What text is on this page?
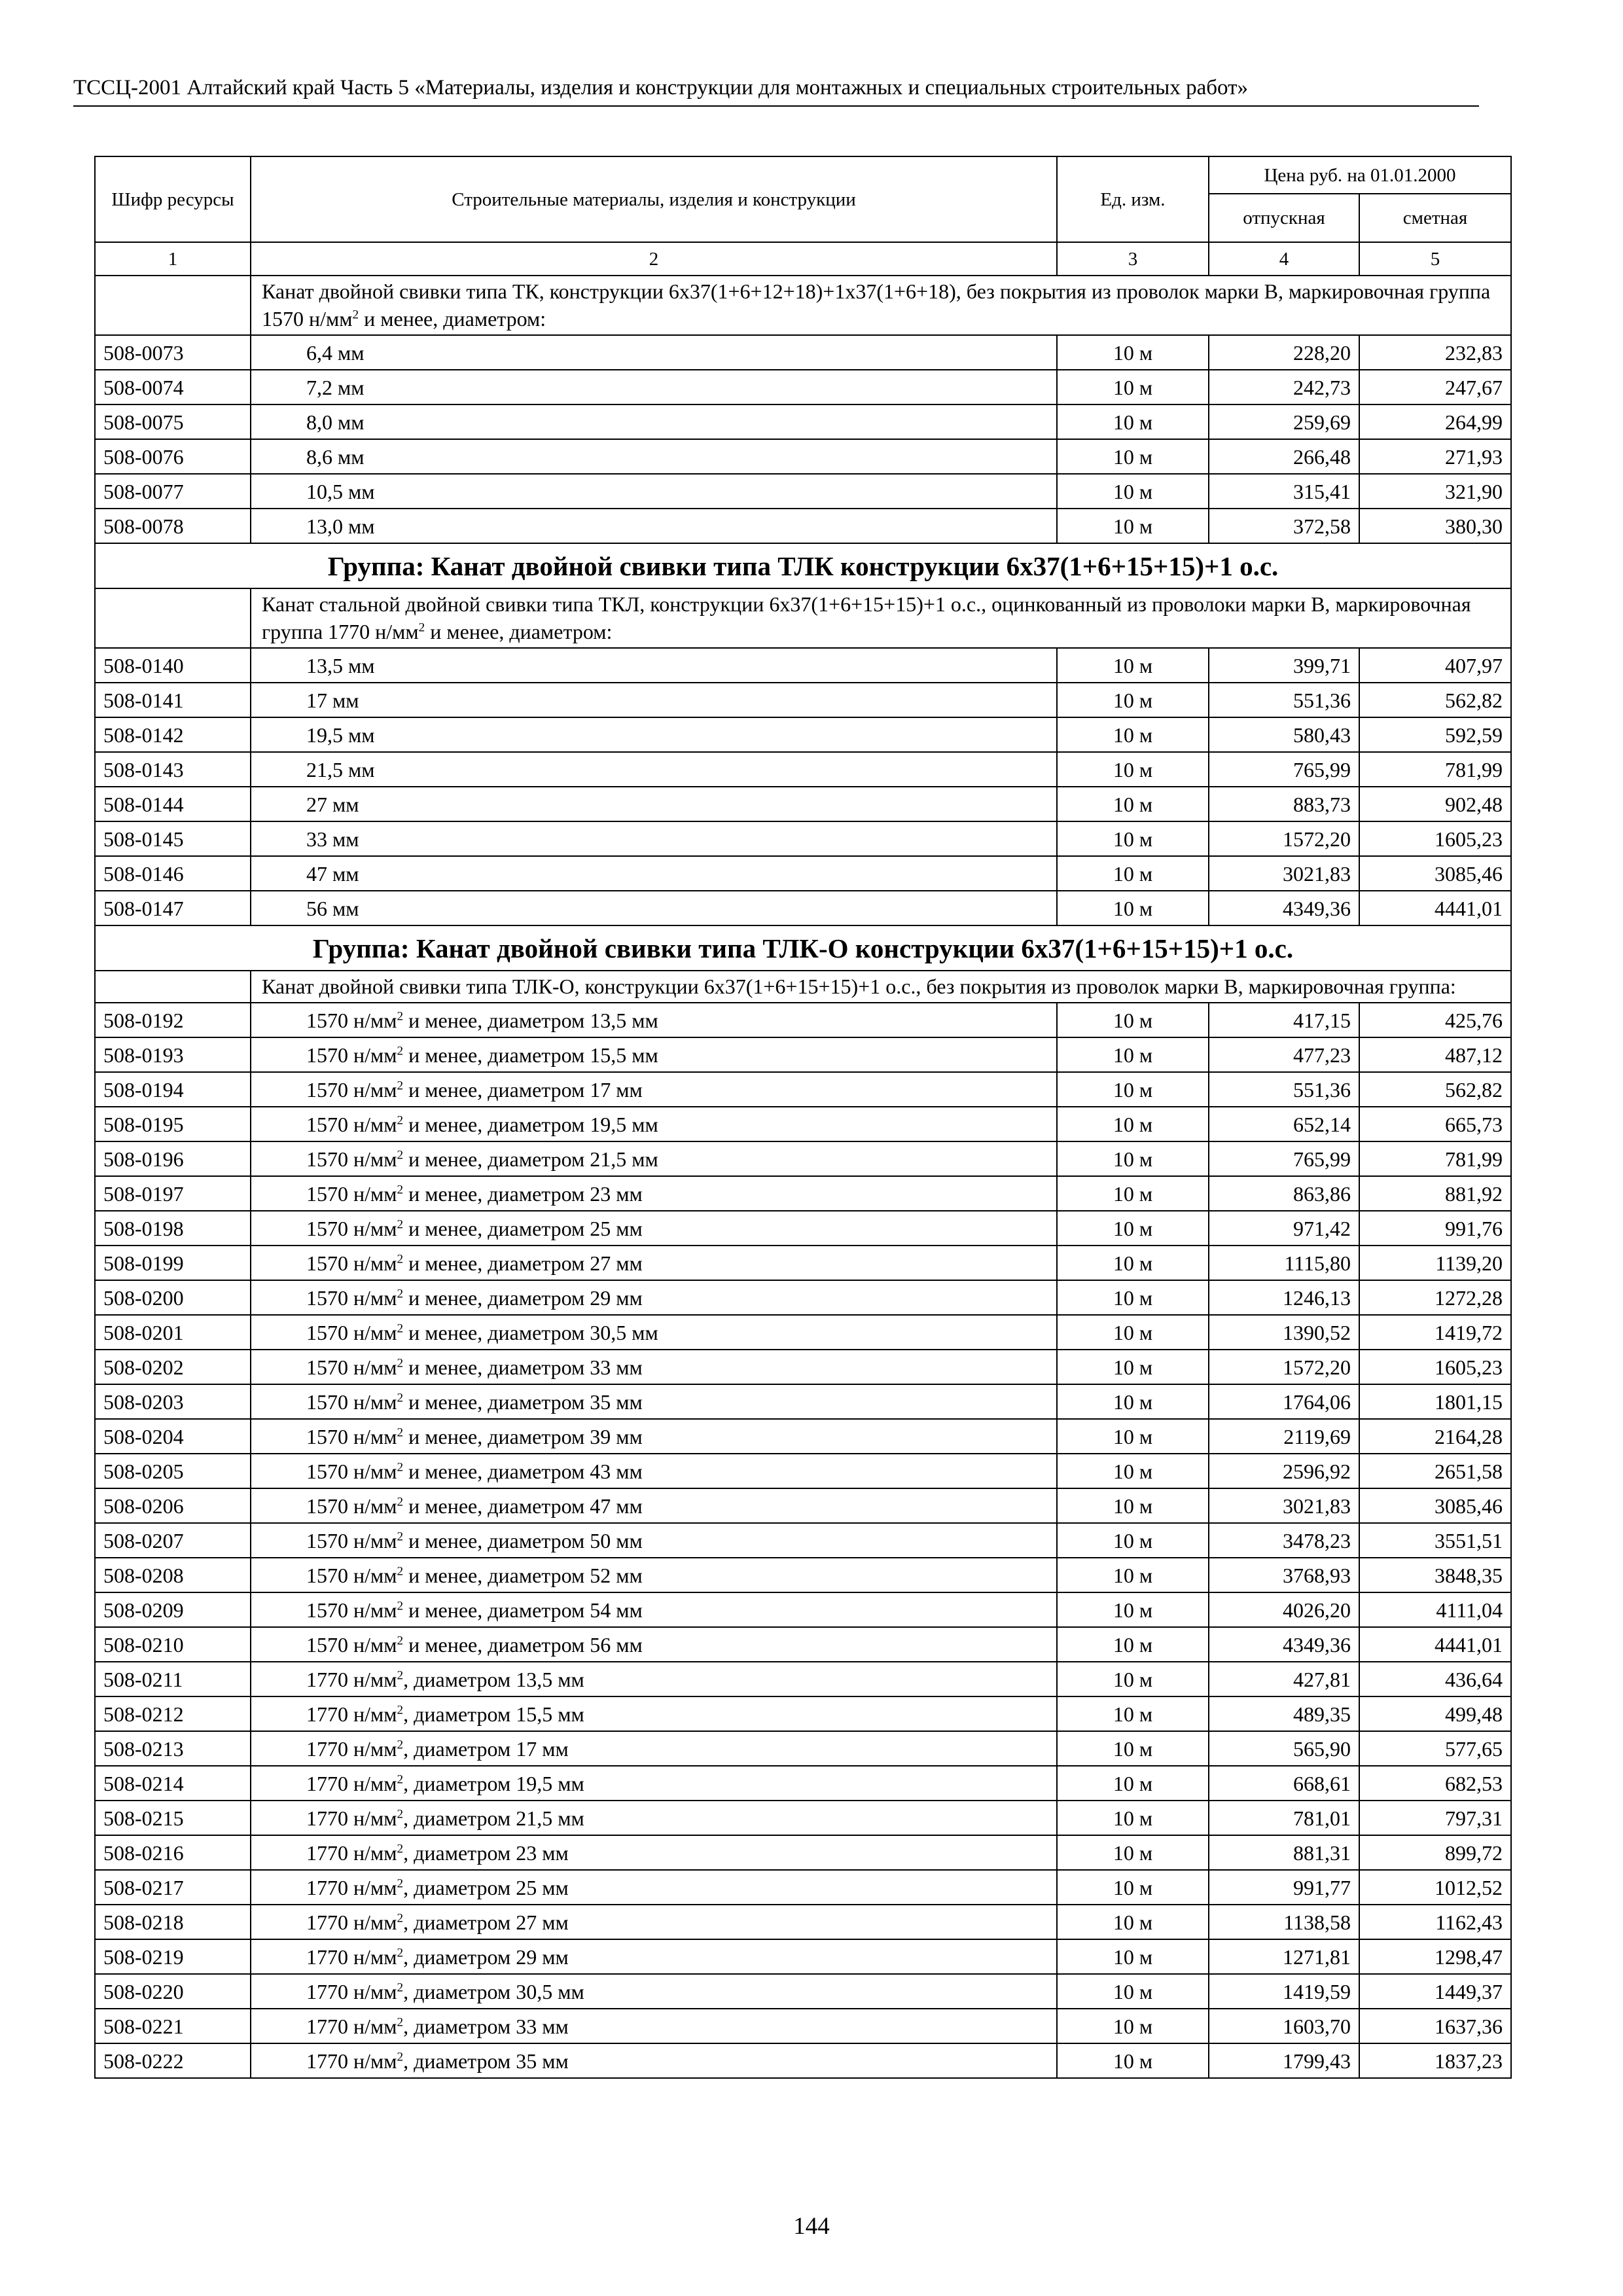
ТССЦ-2001 Алтайский край Часть 5 «Материалы, изделия и конструкции для монтажных и специальных строительных работ»
Шифр ресурсы	Строительные материалы, изделия и конструкции	Ед. изм.	Цена руб. на 01.01.2000	
			отпускная	сметная
1	2	3	4	5
	Канат двойной свивки типа ТК, конструкции 6х37(1+6+12+18)+1х37(1+6+18), без покрытия из проволок марки В, маркировочная группа 1570 $н/мм^2$ и менее, диаметром:			
508-0073	6,4 мм	10 м	228,20	232,83
508-0074	7,2 мм	10 м	242,73	247,67
508-0075	8,0 мм	10 м	259,69	264,99
508-0076	8,6 мм	10 м	266,48	271,93
508-0077	10,5 мм	10 м	315,41	321,90
508-0078	13,0 мм	10 м	372,58	380,30
Группа: Канат двойной свивки типа ТЛК конструкции 6х37(1+6+15+15)+1 о.с.				
	Канат стальной двойной свивки типа ТКЛ, конструкции 6х37(1+6+15+15)+1 о.с., оцинкованный из проволоки марки В, маркировочная группа 1770 $н/мм^2$ и менее, диаметром:			
508-0140	13,5 мм	10 м	399,71	407,97
508-0141	17 мм	10 м	551,36	562,82
508-0142	19,5 мм	10 м	580,43	592,59
508-0143	21,5 мм	10 м	765,99	781,99
508-0144	27 мм	10 м	883,73	902,48
508-0145	33 мм	10 м	1572,20	1605,23
508-0146	47 мм	10 м	3021,83	3085,46
508-0147	56 мм	10 м	4349,36	4441,01
Группа: Канат двойной свивки типа ТЛК-О конструкции 6х37(1+6+15+15)+1 о.с.				
	Канат двойной свивки типа ТЛК-О, конструкции 6х37(1+6+15+15)+1 о.с., без покрытия из проволок марки В, маркировочная группа:			
508-0192	1570 $н/мм^2$ и менее, диаметром 13,5 мм	10 м	417,15	425,76
508-0193	1570 $н/мм^2$ и менее, диаметром 15,5 мм	10 м	477,23	487,12
508-0194	1570 $н/мм^2$ и менее, диаметром 17 мм	10 м	551,36	562,82
508-0195	1570 $н/мм^2$ и менее, диаметром 19,5 мм	10 м	652,14	665,73
508-0196	1570 $н/мм^2$ и менее, диаметром 21,5 мм	10 м	765,99	781,99
508-0197	1570 $н/мм^2$ и менее, диаметром 23 мм	10 м	863,86	881,92
508-0198	1570 $н/мм^2$ и менее, диаметром 25 мм	10 м	971,42	991,76
508-0199	1570 $н/мм^2$ и менее, диаметром 27 мм	10 м	1115,80	1139,20
508-0200	1570 $н/мм^2$ и менее, диаметром 29 мм	10 м	1246,13	1272,28
508-0201	1570 $н/мм^2$ и менее, диаметром 30,5 мм	10 м	1390,52	1419,72
508-0202	1570 $н/мм^2$ и менее, диаметром 33 мм	10 м	1572,20	1605,23
508-0203	1570 $н/мм^2$ и менее, диаметром 35 мм	10 м	1764,06	1801,15
508-0204	1570 $н/мм^2$ и менее, диаметром 39 мм	10 м	2119,69	2164,28
508-0205	1570 $н/мм^2$ и менее, диаметром 43 мм	10 м	2596,92	2651,58
508-0206	1570 $н/мм^2$ и менее, диаметром 47 мм	10 м	3021,83	3085,46
508-0207	1570 $н/мм^2$ и менее, диаметром 50 мм	10 м	3478,23	3551,51
508-0208	1570 $н/мм^2$ и менее, диаметром 52 мм	10 м	3768,93	3848,35
508-0209	1570 $н/мм^2$ и менее, диаметром 54 мм	10 м	4026,20	4111,04
508-0210	1570 $н/мм^2$ и менее, диаметром 56 мм	10 м	4349,36	4441,01
508-0211	1770 $н/мм^2$, диаметром 13,5 мм	10 м	427,81	436,64
508-0212	1770 $н/мм^2$, диаметром 15,5 мм	10 м	489,35	499,48
508-0213	1770 $н/мм^2$, диаметром 17 мм	10 м	565,90	577,65
508-0214	1770 $н/мм^2$, диаметром 19,5 мм	10 м	668,61	682,53
508-0215	1770 $н/мм^2$, диаметром 21,5 мм	10 м	781,01	797,31
508-0216	1770 $н/мм^2$, диаметром 23 мм	10 м	881,31	899,72
508-0217	1770 $н/мм^2$, диаметром 25 мм	10 м	991,77	1012,52
508-0218	1770 $н/мм^2$, диаметром 27 мм	10 м	1138,58	1162,43
508-0219	1770 $н/мм^2$, диаметром 29 мм	10 м	1271,81	1298,47
508-0220	1770 $н/мм^2$, диаметром 30,5 мм	10 м	1419,59	1449,37
508-0221	1770 $н/мм^2$, диаметром 33 мм	10 м	1603,70	1637,36
508-0222	1770 $н/мм^2$, диаметром 35 мм	10 м	1799,43	1837,23
144
